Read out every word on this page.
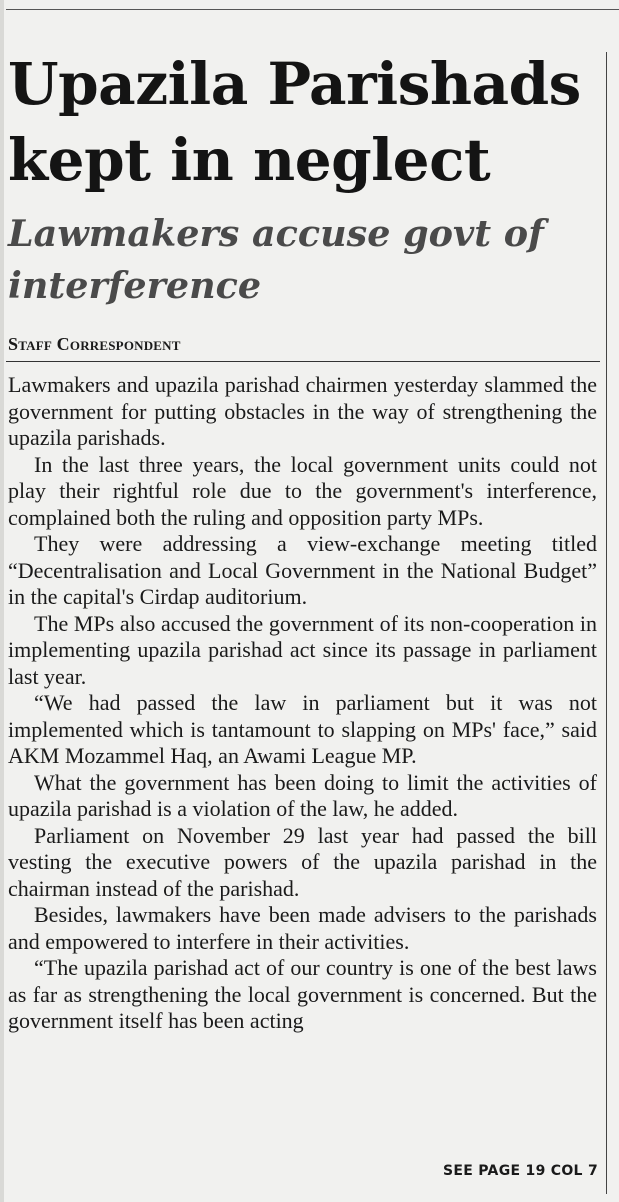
Upazila Parishads kept in neglect
Lawmakers accuse govt of interference
Staff Correspondent

Lawmakers and upazila parishad chairmen yesterday slammed the government for putting obstacles in the way of strengthening the upazila parishads.

In the last three years, the local government units could not play their rightful role due to the government's interference, complained both the ruling and opposition party MPs.

They were addressing a view-exchange meeting titled “Decentralisation and Local Government in the National Budget” in the capital's Cirdap auditorium.

The MPs also accused the government of its non-cooperation in implementing upazila parishad act since its passage in parliament last year.

“We had passed the law in parliament but it was not implemented which is tantamount to slapping on MPs' face,” said AKM Mozammel Haq, an Awami League MP.

What the government has been doing to limit the activities of upazila parishad is a violation of the law, he added.

Parliament on November 29 last year had passed the bill vesting the executive powers of the upazila parishad in the chairman instead of the parishad.

Besides, lawmakers have been made advisers to the parishads and empowered to interfere in their activities.

“The upazila parishad act of our country is one of the best laws as far as strengthening the local government is concerned. But the government itself has been acting

SEE PAGE 19 COL 7
